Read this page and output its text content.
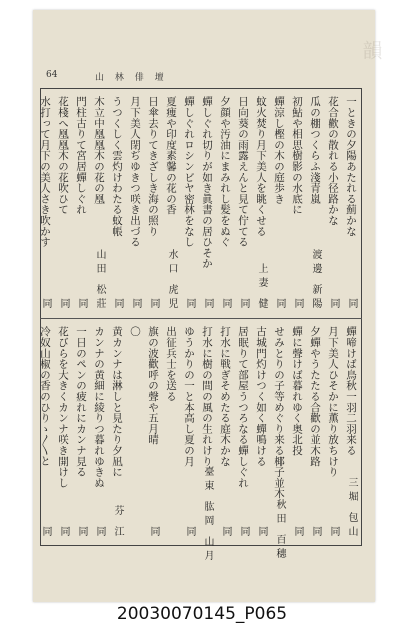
韻
64	山 林 俳 壇
一ときの夕陽あたれる薊かな
同
花合歡の散れる小径路かな
同
瓜の棚つくらふ淺青嵐
渡邊 新陽
初鮎や相思樹影の水底に
同
蟬涼し樫の木の庭歩き
同
蚊火焚り月下美人を眺くせる
上妻 健
日向葵の雨露えんと見て佇てる
同
夕顔や汚油にまみれし髪をぬぐ
同
蟬しぐれ切りが如き眞書の居ひそか
同
蟬しぐれロシンビヤ密林をなし
同
夏痩や印度素馨の花の香
水口 虎児
日傘去りてきざしき海の照り
同
月下美人閉ぢゆきつ咲き出づる
同
うつくしく雲灼けわたる蚊帳
同
木立中凰凰木の花の凰
山田 松莊
門柱古りて宮居蟬しぐれ
同
花棧へ凰凰木の花吹ひて
同
水打って月下の美人さき吹かす
同
蟬啼けば鳥秋一羽二羽来る
三堀 包山
月下美人ひそかに薫り放ちけり
同
夕蟬やうたたる合歡の並木路
同
蟬に聲けば暮れゆく奥北投
同
せみとりの子等めぐり来る椰子並木
秋田 百穗
古城門灼けつく如く蟬鳴ける
同
居眠りて部屋うつろなる蟬しぐれ
同
打水に戦ぎそめたる庭木かな
同
打水に樹の間の風の生れけり
臺東 肱岡 山月
ゆうかりの一と本高し夏の月
同
出征兵士を送る
旗の波歡呼の聲や五月晴
同
〇
黄カンナは淋しと見たり夕凪に
芬 江
カンナの黄細に綾りつ暮れゆきぬ
同
一日のペンの疲れにカンナ見る
同
花びらを大きくカンナ咲き開けし
同
冷奴山椒の香のひりゝ〳〵と
同
20030070145_P065
